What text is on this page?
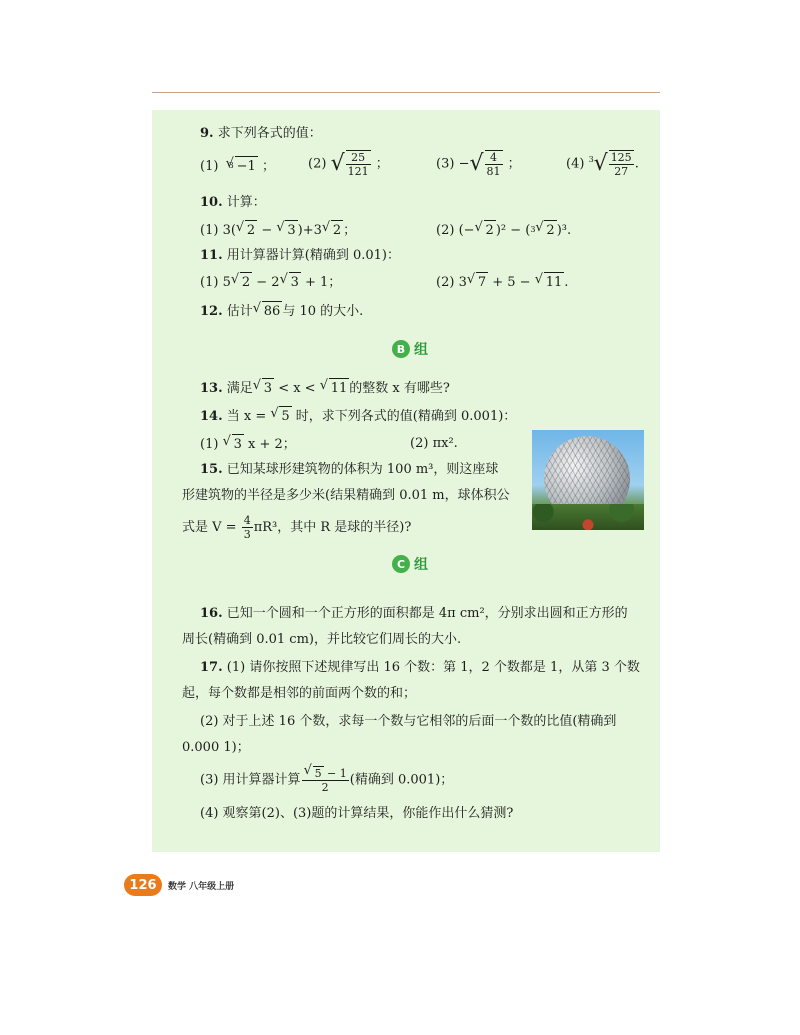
9. 求下列各式的值：
(1) $^3$ √ −1 ；	(2) √ $\frac{25}{121}$ ；	(3) −√ $\frac{4}{81}$ ；	(4) $^3√ \frac{125}{27}$ .
10. 计算：
(1) 3( √ 2 − √ 3 )+3 √ 2 ；	(2) (− √ 2 )² − ($^3$ √ 2 )³.
11. 用计算器计算(精确到 0.01)：
(1) 5 √ 2 − 2 √ 3 + 1；	(2) 3 √ 7 + 5 − √ 11 .
12. 估计 √ 86 与 10 的大小.
B 组
13. 满足 √ 3 < x < √ 11 的整数 x 有哪些?
14. 当 x = √ 5 时，求下列各式的值(精确到 0.001)：
(1) √ 3 x + 2；	(2) πx².
15. 已知某球形建筑物的体积为 100 m³，则这座球
形建筑物的半径是多少米(结果精确到 0.01 m，球体积公
式是 $V = \frac{4}{3} \pi R^3$，其中 R 是球的半径)?
C 组
16. 已知一个圆和一个正方形的面积都是 4π cm²，分别求出圆和正方形的
周长(精确到 0.01 cm)，并比较它们周长的大小.
17. (1) 请你按照下述规律写出 16 个数：第 1，2 个数都是 1，从第 3 个数
起，每个数都是相邻的前面两个数的和；
(2) 对于上述 16 个数，求每一个数与它相邻的后面一个数的比值(精确到
0.000 1)；
(3) 用计算器计算 √ $\frac{5 - 1}{2}$ (精确到 0.001)；
(4) 观察第(2)、(3)题的计算结果，你能作出什么猜测?
126 数学 八年级上册
